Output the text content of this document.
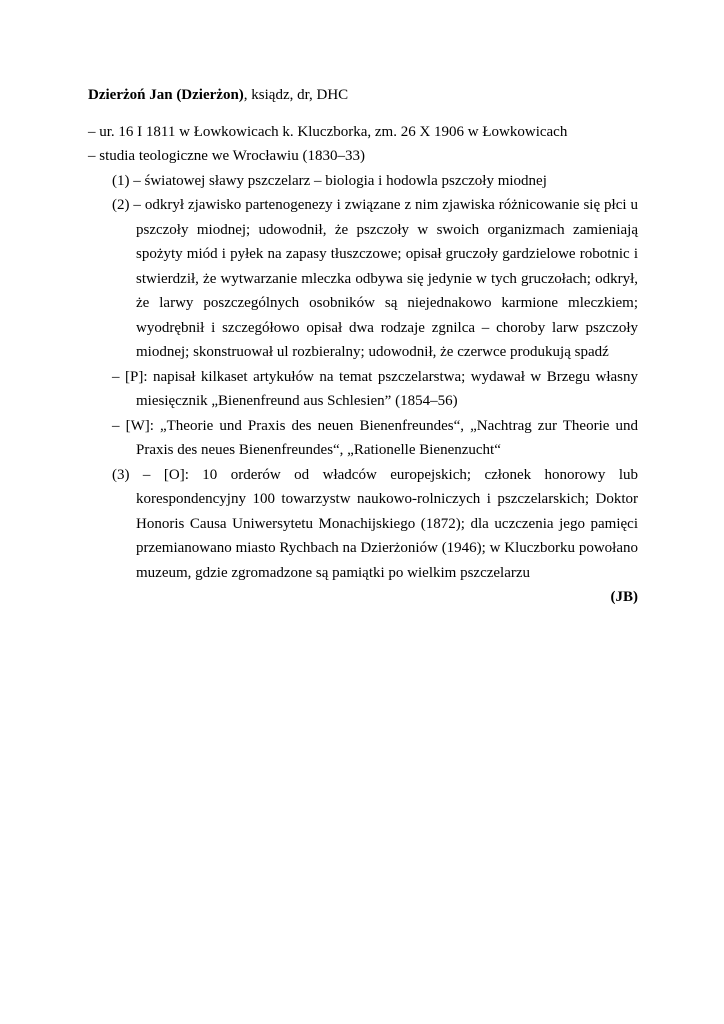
Dzierżoń Jan (Dzierżon), ksiądz, dr, DHC

– ur. 16 I 1811 w Łowkowicach k. Kluczborka, zm. 26 X 1906 w Łowkowicach

– studia teologiczne we Wrocławiu (1830–33)

(1) – światowej sławy pszczelarz – biologia i hodowla pszczoły miodnej

(2) – odkrył zjawisko partenogenezy i związane z nim zjawiska różnicowanie się płci u pszczoły miodnej; udowodnił, że pszczoły w swoich organizmach zamieniają spożyty miód i pyłek na zapasy tłuszczowe; opisał gruczoły gardzielowe robotnic i stwierdził, że wytwarzanie mleczka odbywa się jedynie w tych gruczołach; odkrył, że larwy poszczególnych osobników są niejednakowo karmione mleczkiem; wyodrębnił i szczegółowo opisał dwa rodzaje zgnilca – choroby larw pszczoły miodnej; skonstruował ul rozbieralny; udowodnił, że czerwce produkują spadź

– [P]: napisał kilkaset artykułów na temat pszczelarstwa; wydawał w Brzegu własny miesięcznik „Bienenfreund aus Schlesien” (1854–56)

– [W]: „Theorie und Praxis des neuen Bienenfreundes“, „Nachtrag zur Theorie und Praxis des neues Bienenfreundes“, „Rationelle Bienenzucht“

(3) – [O]: 10 orderów od władców europejskich; członek honorowy lub korespondencyjny 100 towarzystw naukowo-rolniczych i pszczelarskich; Doktor Honoris Causa Uniwersytetu Monachijskiego (1872); dla uczczenia jego pamięci przemianowano miasto Rychbach na Dzierżoniów (1946); w Kluczborku powołano muzeum, gdzie zgromadzone są pamiątki po wielkim pszczelarzu

(JB)
